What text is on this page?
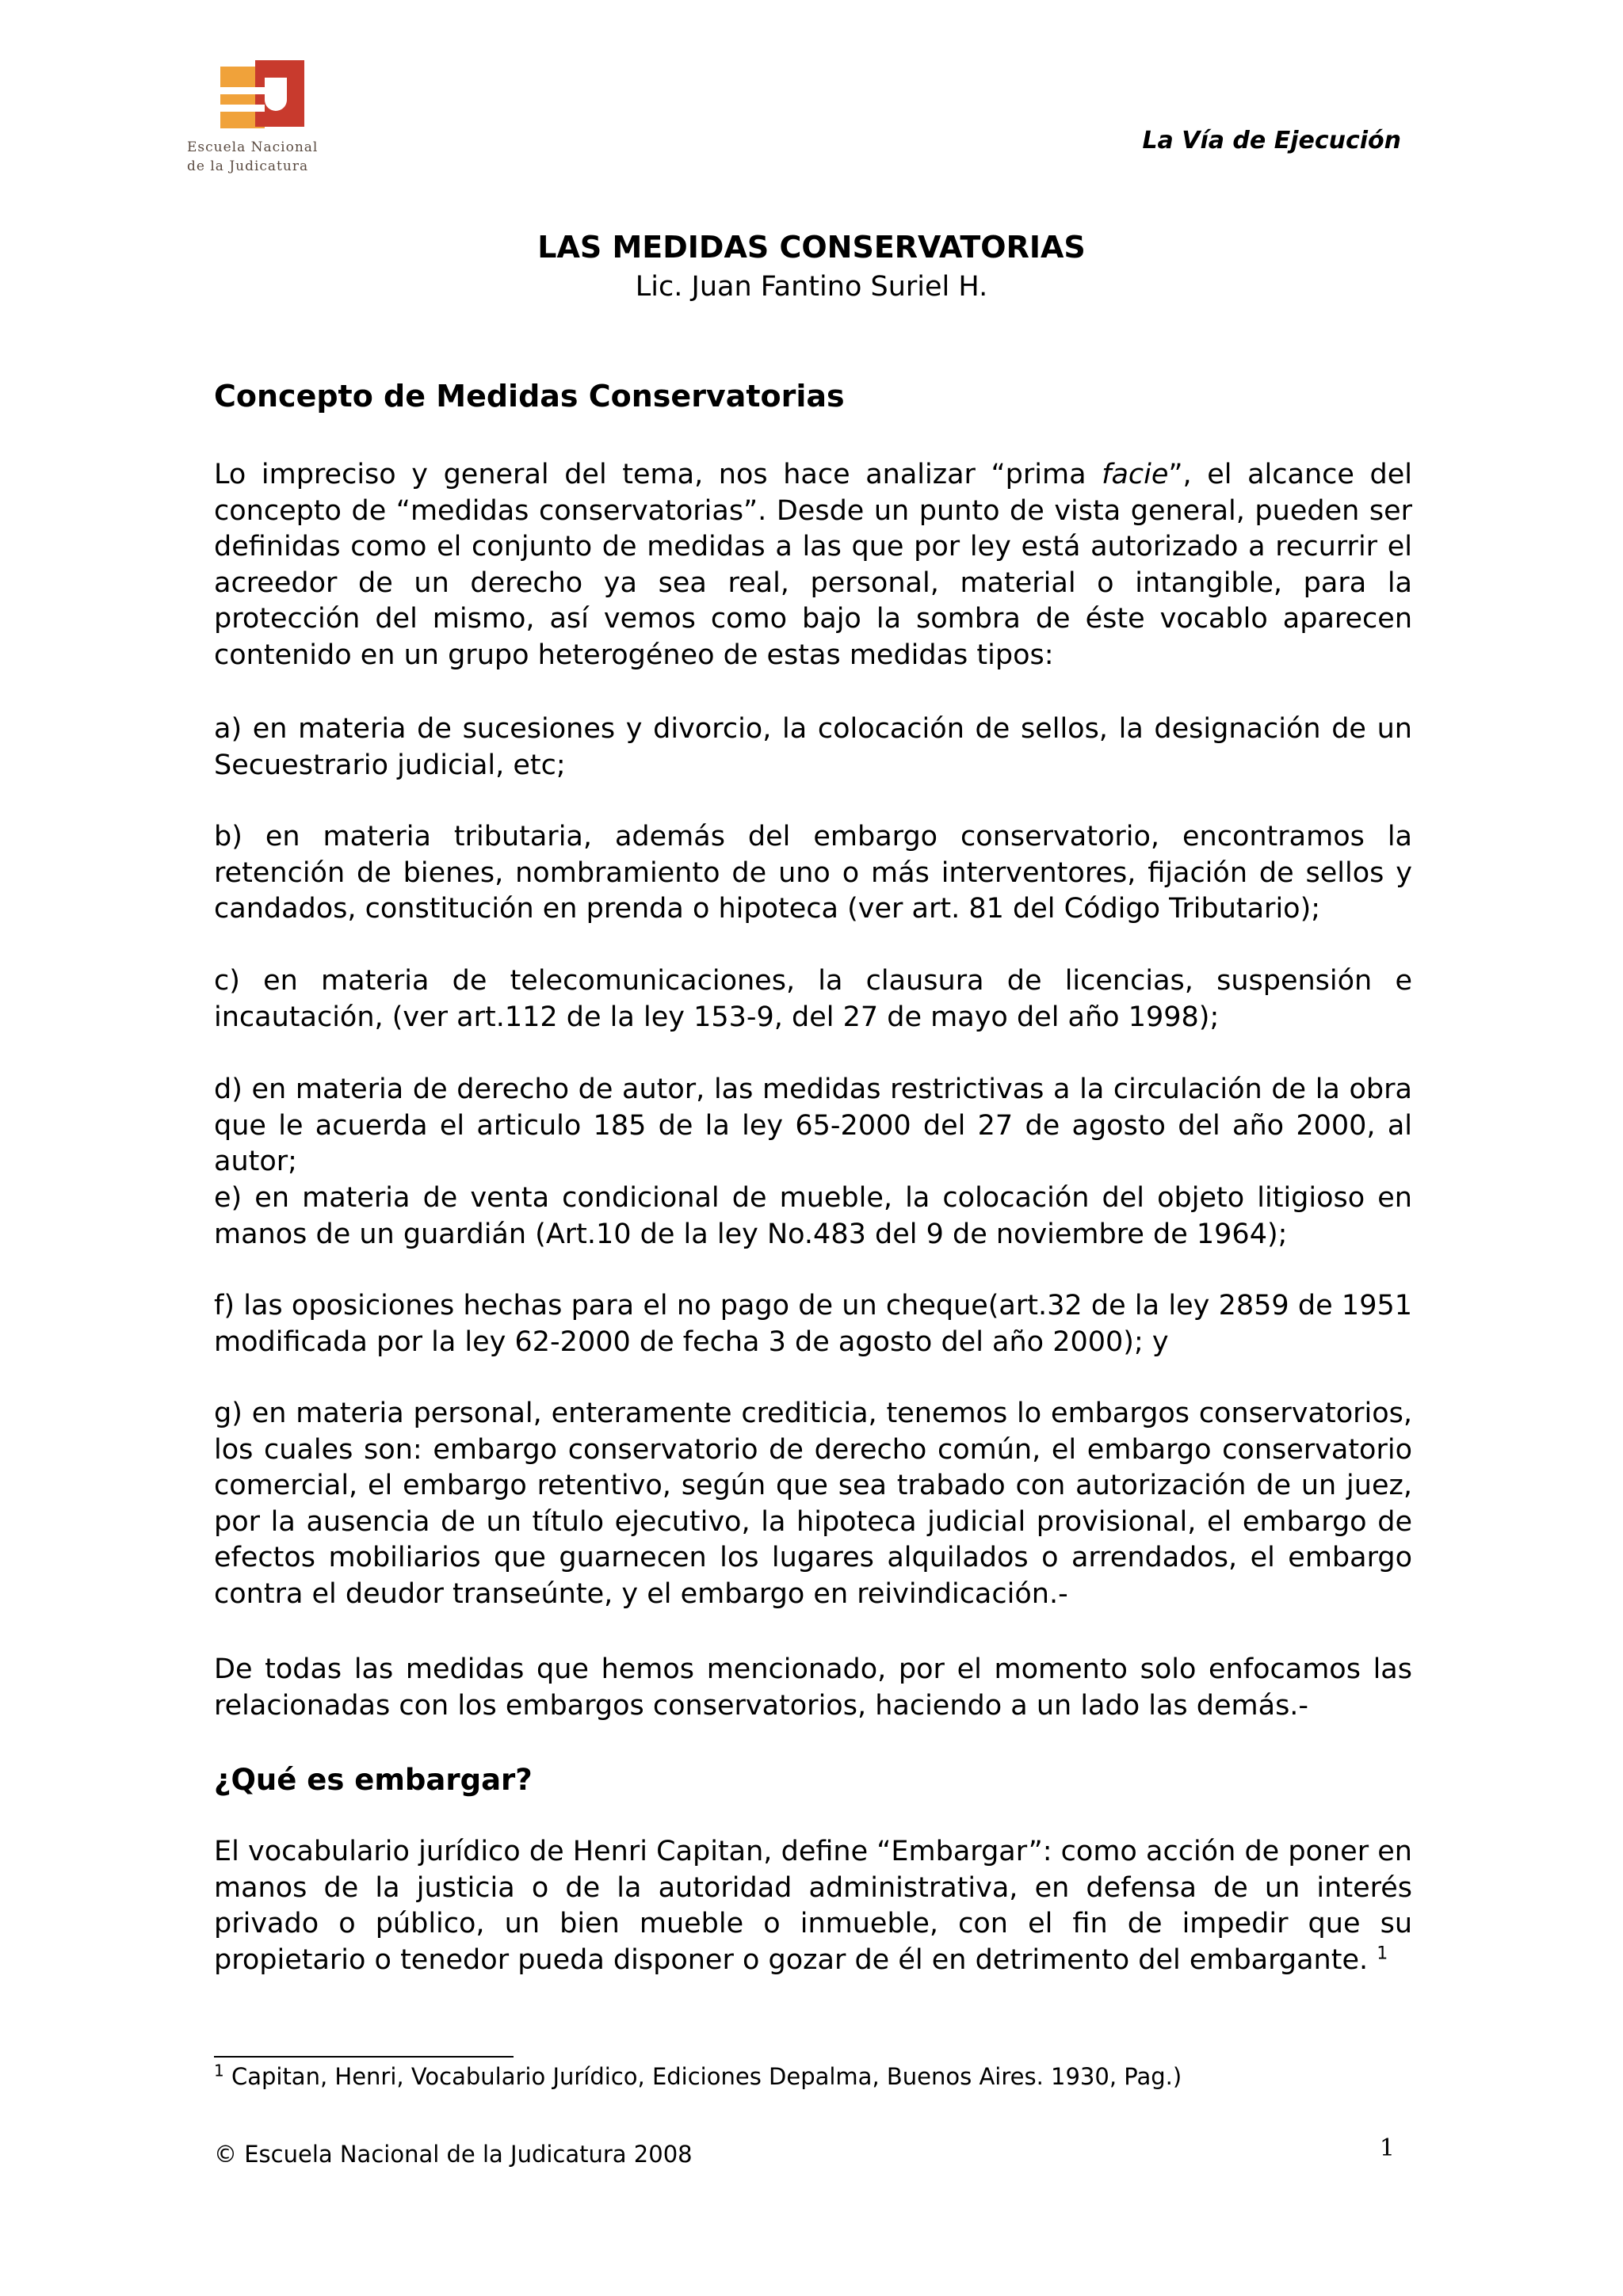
Escuela Nacional
de la Judicatura
La Vía de Ejecución
LAS MEDIDAS CONSERVATORIAS
Lic. Juan Fantino Suriel H.
Concepto de Medidas Conservatorias
Lo impreciso y general del tema, nos hace analizar “prima facie”, el alcance del concepto de “medidas conservatorias”. Desde un punto de vista general, pueden ser definidas como el conjunto de medidas a las que por ley está autorizado a recurrir el acreedor de un derecho ya sea real, personal, material o intangible, para la protección del mismo, así vemos como bajo la sombra de éste vocablo aparecen contenido en un grupo heterogéneo de estas medidas tipos:
a) en materia de sucesiones y divorcio, la colocación de sellos, la designación de un Secuestrario judicial, etc;
b) en materia tributaria, además del embargo conservatorio, encontramos la retención de bienes, nombramiento de uno o más interventores, fijación de sellos y candados, constitución en prenda o hipoteca (ver art. 81 del Código Tributario);
c) en materia de telecomunicaciones, la clausura de licencias, suspensión e incautación, (ver art.112 de la ley 153-9, del 27 de mayo del año 1998);
d) en materia de derecho de autor, las medidas restrictivas a la circulación de la obra que le acuerda el articulo 185 de la ley 65-2000 del 27 de agosto del año 2000, al autor;
e) en materia de venta condicional de mueble, la colocación del objeto litigioso en manos de un guardián (Art.10 de la ley No.483 del 9 de noviembre de 1964);
f) las oposiciones hechas para el no pago de un cheque(art.32 de la ley 2859 de 1951 modificada por la ley 62-2000 de fecha 3 de agosto del año 2000); y
g) en materia personal, enteramente crediticia, tenemos lo embargos conservatorios, los cuales son: embargo conservatorio de derecho común, el embargo conservatorio comercial, el embargo retentivo, según que sea trabado con autorización de un juez, por la ausencia de un título ejecutivo, la hipoteca judicial provisional, el embargo de efectos mobiliarios que guarnecen los lugares alquilados o arrendados, el embargo contra el deudor transeúnte, y el embargo en reivindicación.-
De todas las medidas que hemos mencionado, por el momento solo enfocamos las relacionadas con los embargos conservatorios, haciendo a un lado las demás.-
¿Qué es embargar?
El vocabulario jurídico de Henri Capitan, define “Embargar”: como acción de poner en manos de la justicia o de la autoridad administrativa, en defensa de un interés privado o público, un bien mueble o inmueble, con el fin de impedir que su propietario o tenedor pueda disponer o gozar de él en detrimento del embargante. $^1$
$^1$ Capitan, Henri, Vocabulario Jurídico, Ediciones Depalma, Buenos Aires. 1930, Pag.)
© Escuela Nacional de la Judicatura 2008	1
